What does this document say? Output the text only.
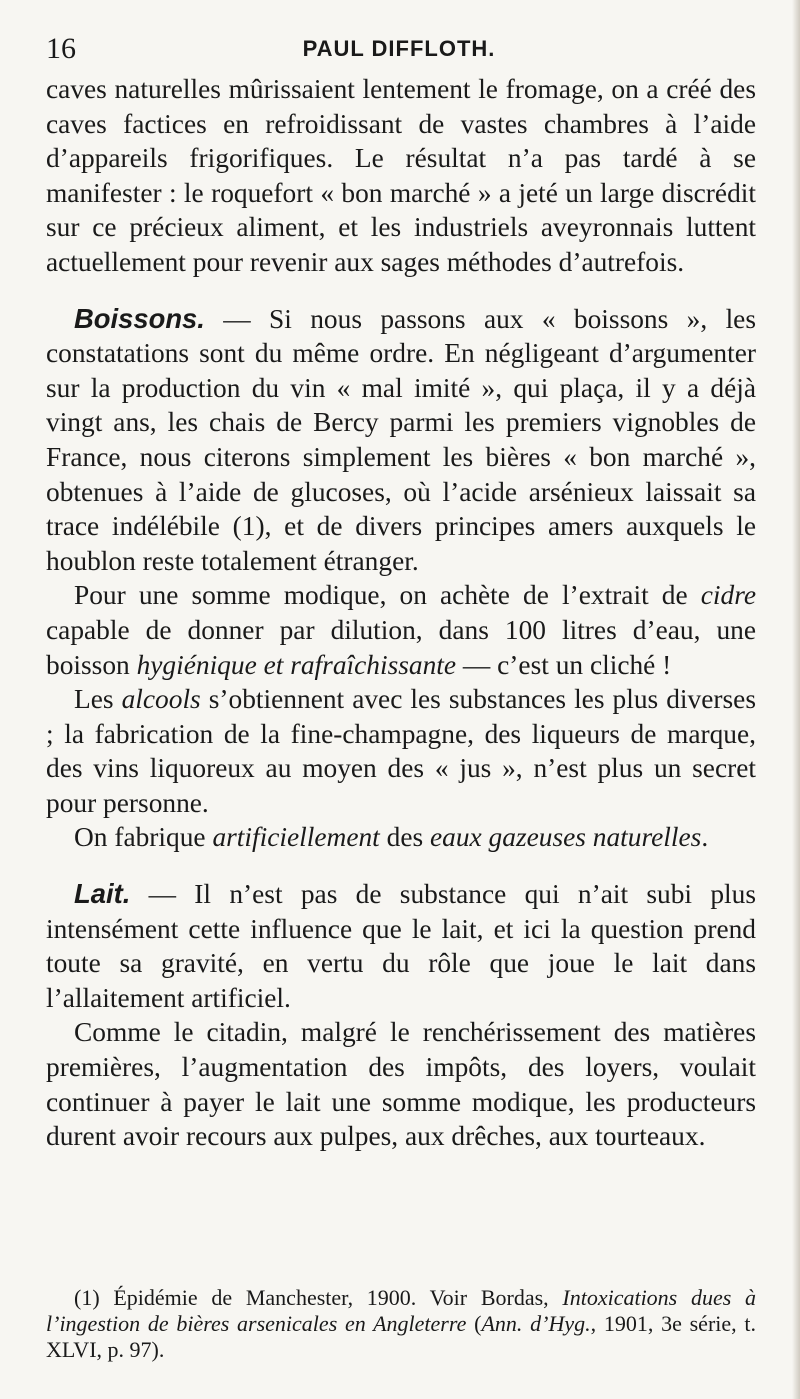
16	PAUL DIFFLOTH.

caves naturelles mûrissaient lentement le fromage, on a créé des caves factices en refroidissant de vastes chambres à l’aide d’appareils frigorifiques. Le résultat n’a pas tardé à se manifester : le roquefort « bon marché » a jeté un large discrédit sur ce précieux aliment, et les industriels aveyronnais luttent actuellement pour revenir aux sages méthodes d’autrefois.

Boissons. — Si nous passons aux « boissons », les constatations sont du même ordre. En négligeant d’argumenter sur la production du vin « mal imité », qui plaça, il y a déjà vingt ans, les chais de Bercy parmi les premiers vignobles de France, nous citerons simplement les bières « bon marché », obtenues à l’aide de glucoses, où l’acide arsénieux laissait sa trace indélébile (1), et de divers principes amers auxquels le houblon reste totalement étranger.

Pour une somme modique, on achète de l’extrait de cidre capable de donner par dilution, dans 100 litres d’eau, une boisson hygiénique et rafraîchissante — c’est un cliché !

Les alcools s’obtiennent avec les substances les plus diverses ; la fabrication de la fine-champagne, des liqueurs de marque, des vins liquoreux au moyen des « jus », n’est plus un secret pour personne.

On fabrique artificiellement des eaux gazeuses naturelles.

Lait. — Il n’est pas de substance qui n’ait subi plus intensément cette influence que le lait, et ici la question prend toute sa gravité, en vertu du rôle que joue le lait dans l’allaitement artificiel.

Comme le citadin, malgré le renchérissement des matières premières, l’augmentation des impôts, des loyers, voulait continuer à payer le lait une somme modique, les producteurs durent avoir recours aux pulpes, aux drêches, aux tourteaux.

(1) Épidémie de Manchester, 1900. Voir Bordas, Intoxications dues à l’ingestion de bières arsenicales en Angleterre (Ann. d’Hyg., 1901, 3e série, t. XLVI, p. 97).
